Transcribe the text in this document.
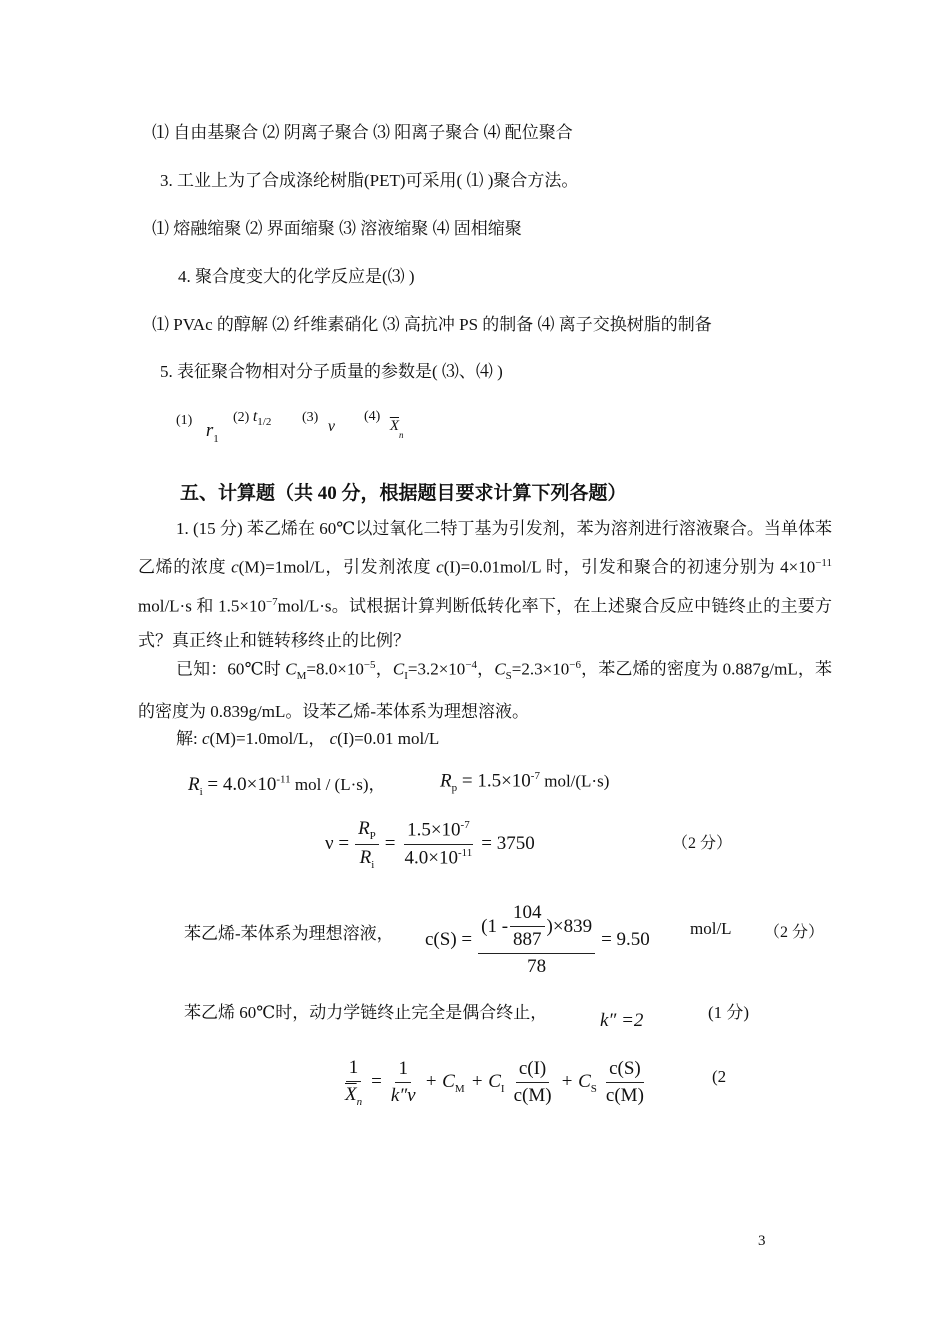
⑴ 自由基聚合 ⑵ 阴离子聚合 ⑶ 阳离子聚合 ⑷ 配位聚合
3. 工业上为了合成涤纶树脂(PET)可采用( ⑴ )聚合方法。
⑴ 熔融缩聚 ⑵ 界面缩聚 ⑶ 溶液缩聚 ⑷ 固相缩聚
4. 聚合度变大的化学反应是(⑶ )
⑴ PVAc 的醇解 ⑵ 纤维素硝化 ⑶ 高抗冲 PS 的制备 ⑷ 离子交换树脂的制备
5. 表征聚合物相对分子质量的参数是( ⑶、⑷ )
(1) $r_1$
(2) $t_{1/2}$ (3) ν
(4) $\overline{X}_n$
五、计算题（共 40 分，根据题目要求计算下列各题）
1. (15 分) 苯乙烯在 60℃以过氧化二特丁基为引发剂，苯为溶剂进行溶液聚合。当单体苯乙烯的浓度 c(M)=1mol/L，引发剂浓度 c(I)=0.01mol/L 时，引发和聚合的初速分别为 $4\times 10^{-11}$ mol/L·s 和 $1.5\times 10^{-7}mol/L\cdot s$。试根据计算判断低转化率下，在上述聚合反应中链终止的主要方式？真正终止和链转移终止的比例？
已知：60℃时 $C_M=8.0\times 10^{-5}$，$C_I=3.2\times 10^{-4}$，$C_S=2.3\times 10^{-6}$，苯乙烯的密度为 0.887g/mL，苯的密度为 0.839g/mL。设苯乙烯-苯体系为理想溶液。
解: c(M)=1.0mol/L， c(I)=0.01 mol/L
$R_i = 4.0\times 10^{-11}$ mol / (L·s)，	$R_p = 1.5\times 10^{-7}$ mol/(L·s)
$\nu = \frac{R_P}{R_i} = \frac{1.5\times 10^{-7}}{4.0\times 10^{-11}} = 3750$	（2 分）
苯乙烯-苯体系为理想溶液， $c(S) = \frac{(1 - \frac{104}{887} )\times 839}{78} = 9.50$
mol/L （2 分）
苯乙烯 60℃时，动力学链终止完全是偶合终止，	k″ =2	(1 分)
$\frac{1}{\overline{X}_n} = \frac{1}{k''\nu} + C_M + C_I \frac{c(I)}{c(M)} + C_S \frac{c(S)}{c(M)}$	(2
3
